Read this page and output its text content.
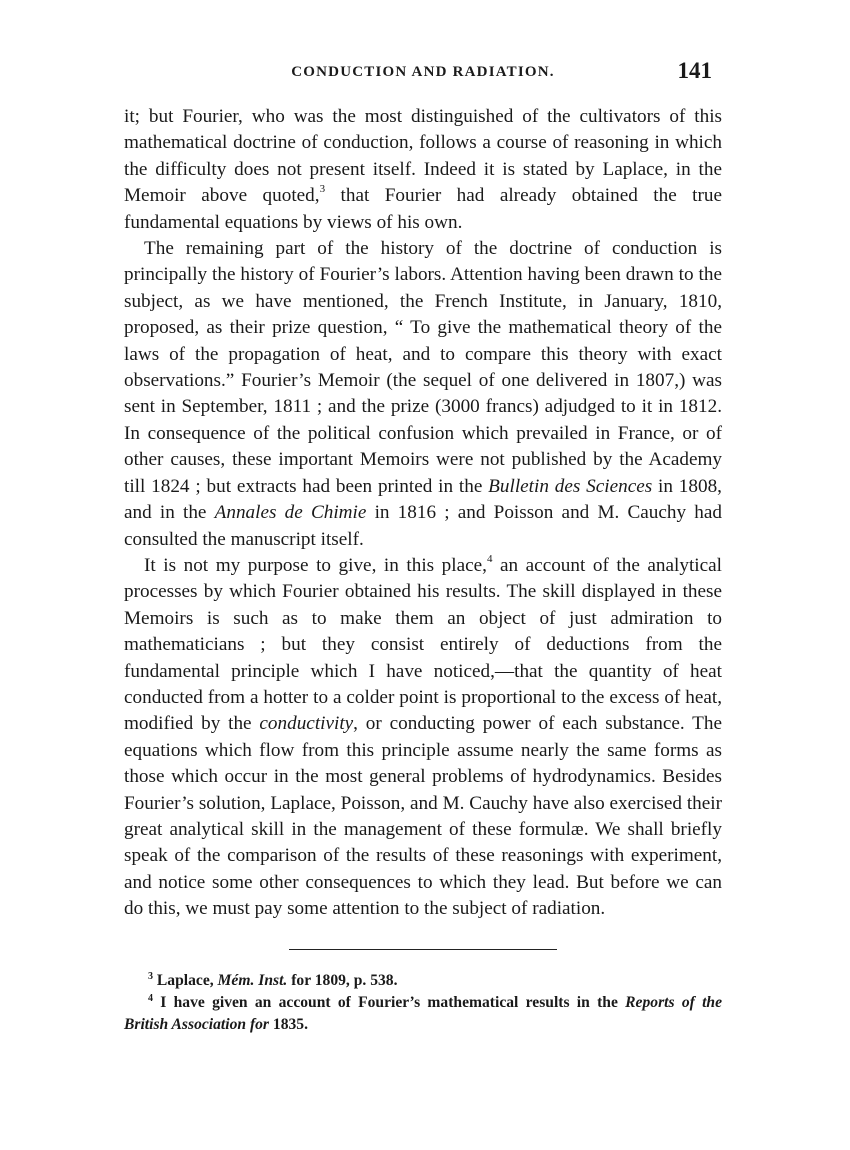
CONDUCTION AND RADIATION.	141

it; but Fourier, who was the most distinguished of the cultivators of this mathematical doctrine of conduction, follows a course of reasoning in which the difficulty does not present itself. Indeed it is stated by Laplace, in the Memoir above quoted,$^3$ that Fourier had already obtained the true fundamental equations by views of his own.

The remaining part of the history of the doctrine of conduction is principally the history of Fourier’s labors. Attention having been drawn to the subject, as we have mentioned, the French Institute, in January, 1810, proposed, as their prize question, “ To give the mathematical theory of the laws of the propagation of heat, and to compare this theory with exact observations.” Fourier’s Memoir (the sequel of one delivered in 1807,) was sent in September, 1811 ; and the prize (3000 francs) adjudged to it in 1812. In consequence of the political confusion which prevailed in France, or of other causes, these important Memoirs were not published by the Academy till 1824 ; but extracts had been printed in the Bulletin des Sciences in 1808, and in the Annales de Chimie in 1816 ; and Poisson and M. Cauchy had consulted the manuscript itself.

It is not my purpose to give, in this place,$^4$ an account of the analytical processes by which Fourier obtained his results. The skill displayed in these Memoirs is such as to make them an object of just admiration to mathematicians ; but they consist entirely of deductions from the fundamental principle which I have noticed,—that the quantity of heat conducted from a hotter to a colder point is proportional to the excess of heat, modified by the conductivity, or conducting power of each substance. The equations which flow from this principle assume nearly the same forms as those which occur in the most general problems of hydrodynamics. Besides Fourier’s solution, Laplace, Poisson, and M. Cauchy have also exercised their great analytical skill in the management of these formulæ. We shall briefly speak of the comparison of the results of these reasonings with experiment, and notice some other consequences to which they lead. But before we can do this, we must pay some attention to the subject of radiation.

$^3$ Laplace, Mém. Inst. for 1809, p. 538.

$^4$ I have given an account of Fourier’s mathematical results in the Reports of the British Association for 1835.
